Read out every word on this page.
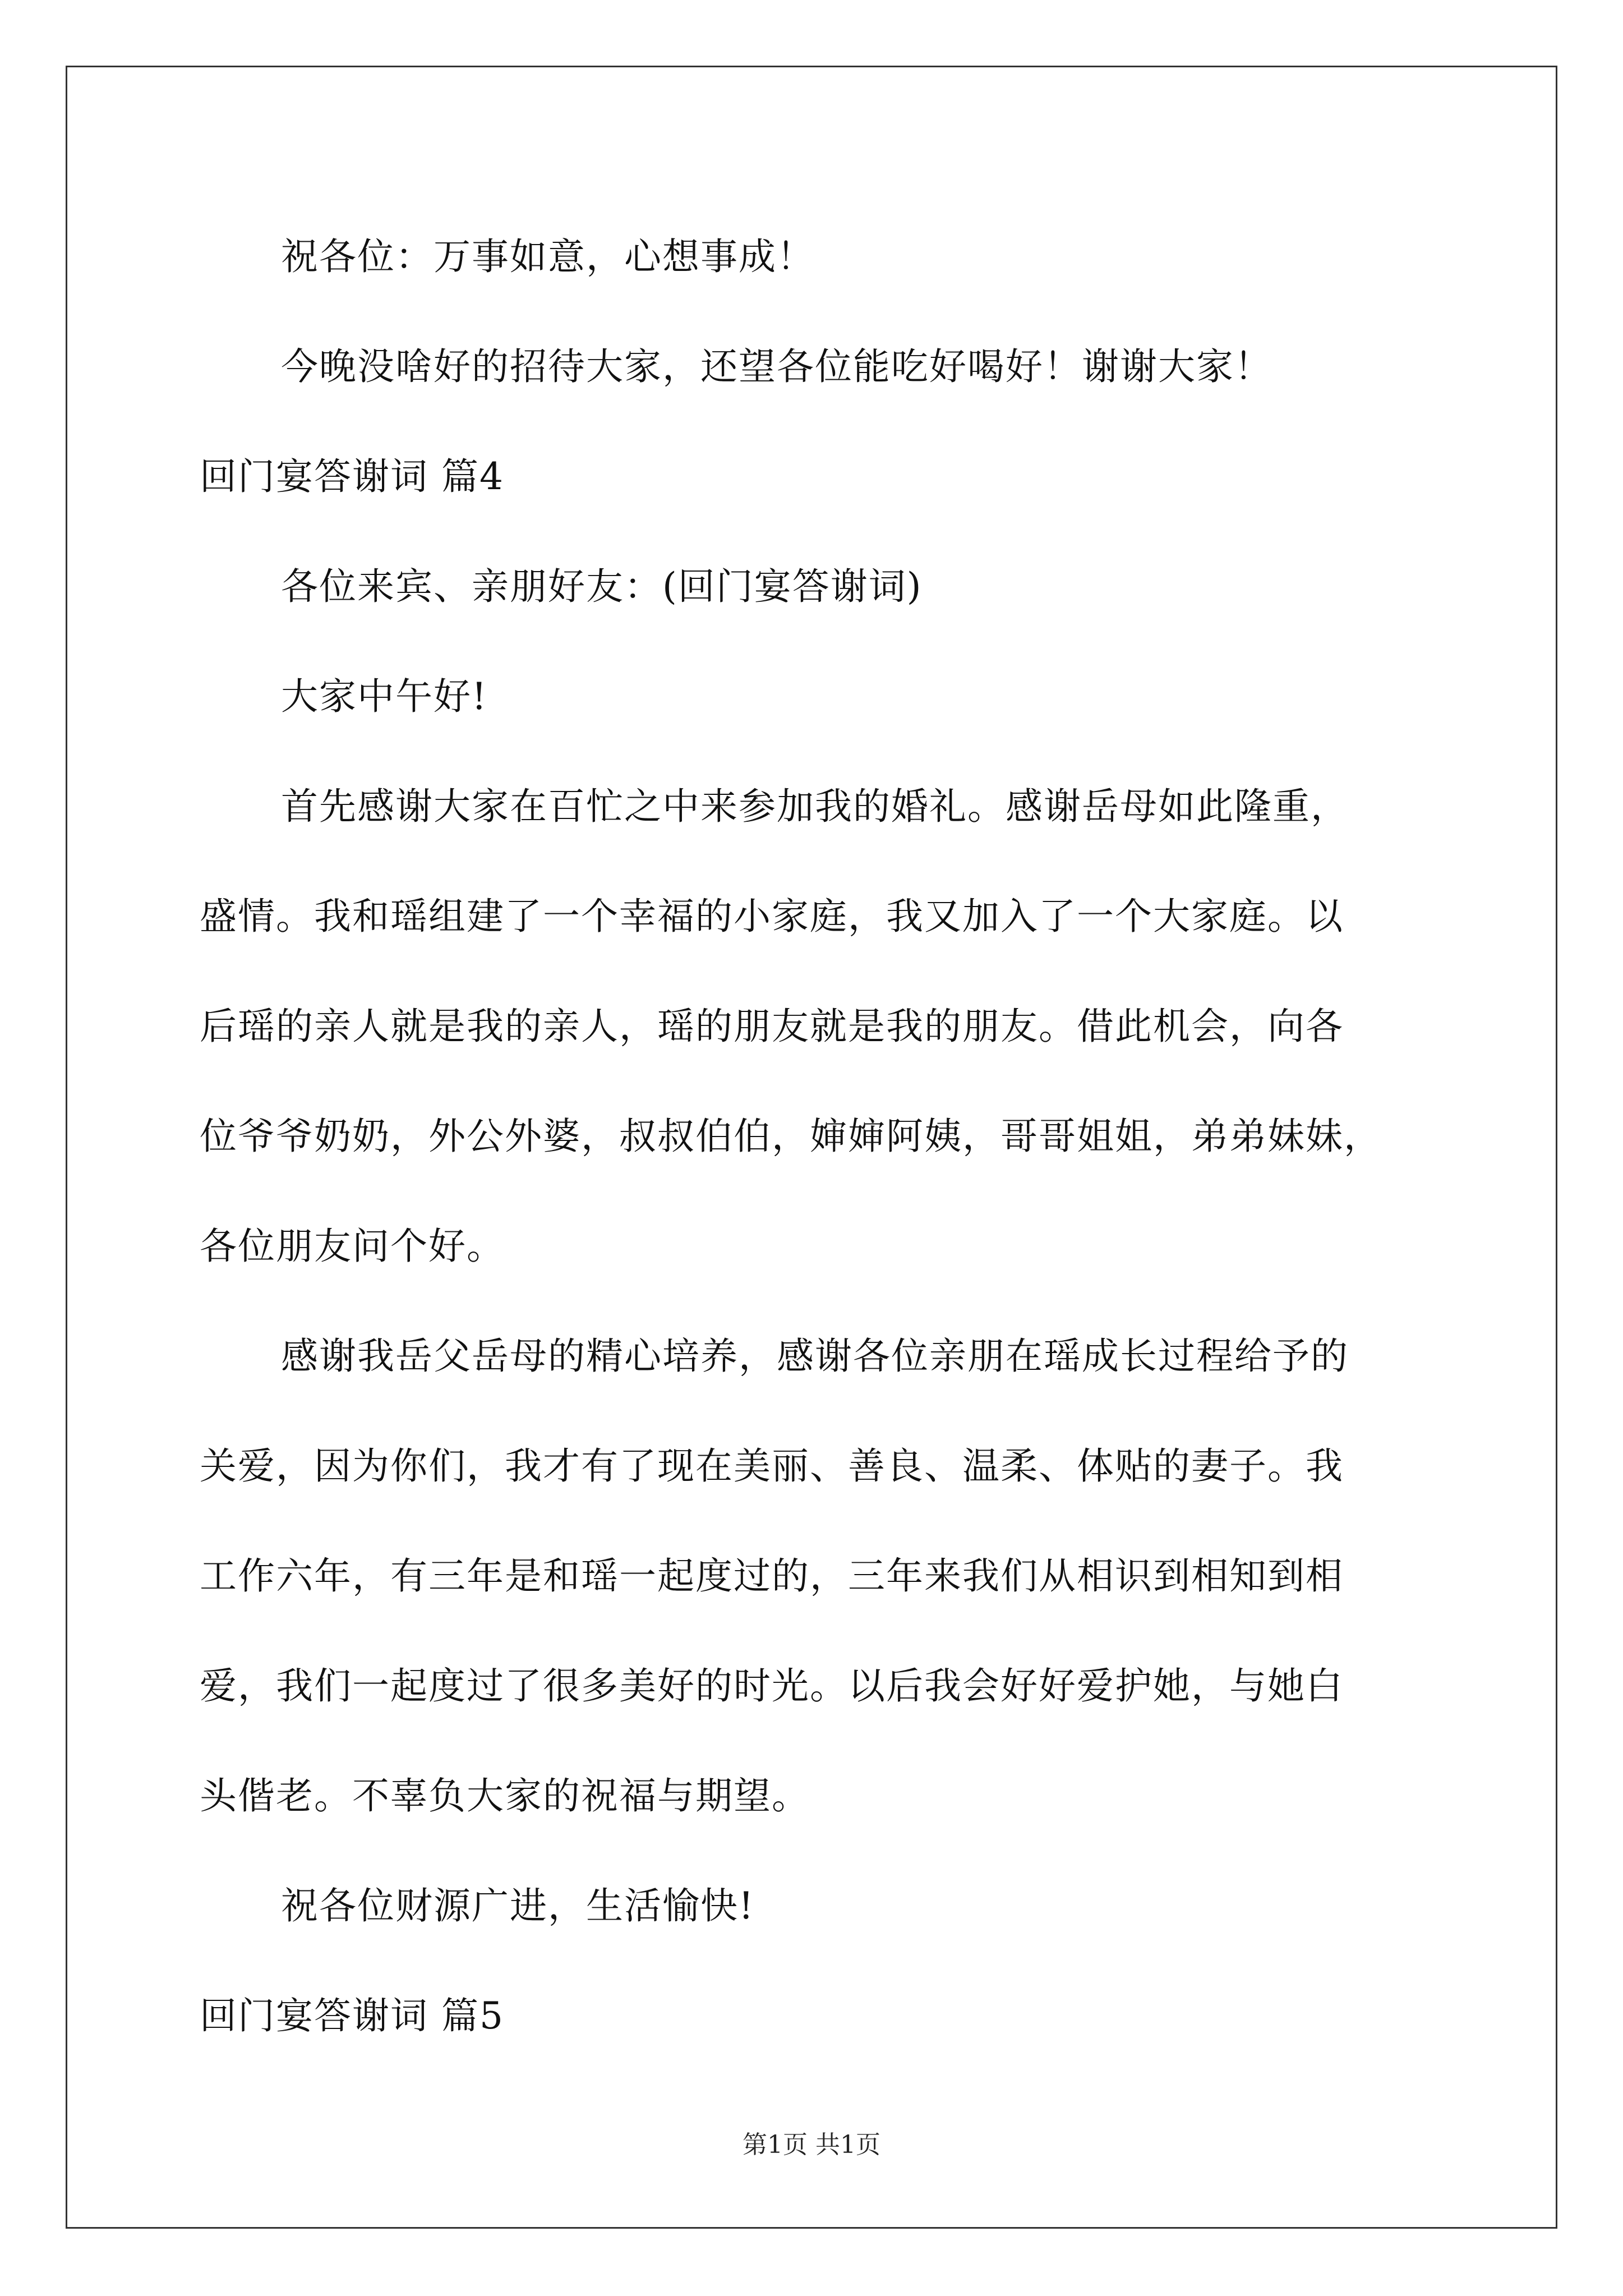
祝各位：万事如意，心想事成！
今晚没啥好的招待大家，还望各位能吃好喝好！谢谢大家！
回门宴答谢词 篇4
各位来宾、亲朋好友：(回门宴答谢词)
大家中午好!
首先感谢大家在百忙之中来参加我的婚礼。感谢岳母如此隆重，
盛情。我和瑶组建了一个幸福的小家庭，我又加入了一个大家庭。以
后瑶的亲人就是我的亲人，瑶的朋友就是我的朋友。借此机会，向各
位爷爷奶奶，外公外婆，叔叔伯伯，婶婶阿姨，哥哥姐姐，弟弟妹妹，
各位朋友问个好。
感谢我岳父岳母的精心培养，感谢各位亲朋在瑶成长过程给予的
关爱，因为你们，我才有了现在美丽、善良、温柔、体贴的妻子。我
工作六年，有三年是和瑶一起度过的，三年来我们从相识到相知到相
爱，我们一起度过了很多美好的时光。以后我会好好爱护她，与她白
头偕老。不辜负大家的祝福与期望。
祝各位财源广进，生活愉快!
回门宴答谢词 篇5
第1页 共1页
